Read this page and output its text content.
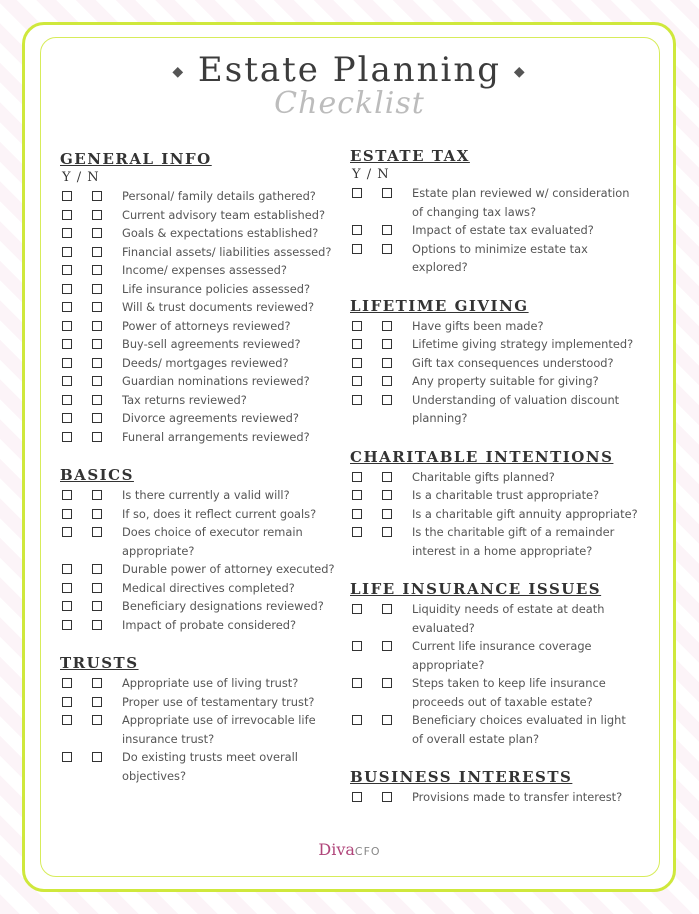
◆ Estate Planning ◆
Checklist
GENERAL INFO
Y / N
Personal/ family details gathered?
Current advisory team established?
Goals & expectations established?
Financial assets/ liabilities assessed?
Income/ expenses assessed?
Life insurance policies assessed?
Will & trust documents reviewed?
Power of attorneys reviewed?
Buy-sell agreements reviewed?
Deeds/ mortgages reviewed?
Guardian nominations reviewed?
Tax returns reviewed?
Divorce agreements reviewed?
Funeral arrangements reviewed?
BASICS
Is there currently a valid will?
If so, does it reflect current goals?
Does choice of executor remain appropriate?
Durable power of attorney executed?
Medical directives completed?
Beneficiary designations reviewed?
Impact of probate considered?
TRUSTS
Appropriate use of living trust?
Proper use of testamentary trust?
Appropriate use of irrevocable life insurance trust?
Do existing trusts meet overall objectives?
ESTATE TAX
Y / N
Estate plan reviewed w/ consideration of changing tax laws?
Impact of estate tax evaluated?
Options to minimize estate tax explored?
LIFETIME GIVING
Have gifts been made?
Lifetime giving strategy implemented?
Gift tax consequences understood?
Any property suitable for giving?
Understanding of valuation discount planning?
CHARITABLE INTENTIONS
Charitable gifts planned?
Is a charitable trust appropriate?
Is a charitable gift annuity appropriate?
Is the charitable gift of a remainder interest in a home appropriate?
LIFE INSURANCE ISSUES
Liquidity needs of estate at death evaluated?
Current life insurance coverage appropriate?
Steps taken to keep life insurance proceeds out of taxable estate?
Beneficiary choices evaluated in light of overall estate plan?
BUSINESS INTERESTS
Provisions made to transfer interest?
DivaCFO
